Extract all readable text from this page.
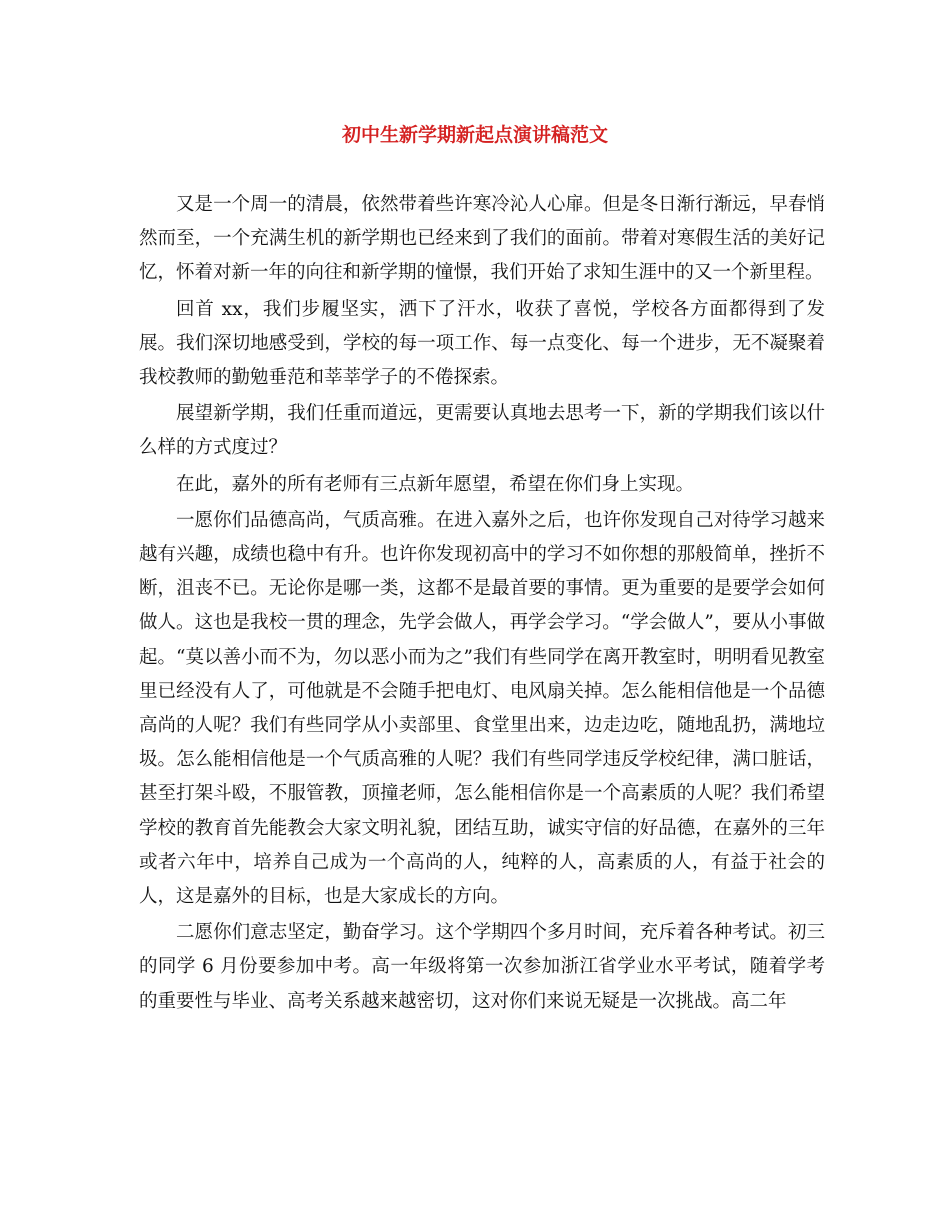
初中生新学期新起点演讲稿范文

又是一个周一的清晨，依然带着些许寒冷沁人心扉。但是冬日渐行渐远，早春悄然而至，一个充满生机的新学期也已经来到了我们的面前。带着对寒假生活的美好记忆，怀着对新一年的向往和新学期的憧憬，我们开始了求知生涯中的又一个新里程。

回首 xx，我们步履坚实，洒下了汗水，收获了喜悦，学校各方面都得到了发展。我们深切地感受到，学校的每一项工作、每一点变化、每一个进步，无不凝聚着我校教师的勤勉垂范和莘莘学子的不倦探索。

展望新学期，我们任重而道远，更需要认真地去思考一下，新的学期我们该以什么样的方式度过？

在此，嘉外的所有老师有三点新年愿望，希望在你们身上实现。

一愿你们品德高尚，气质高雅。在进入嘉外之后，也许你发现自己对待学习越来越有兴趣，成绩也稳中有升。也许你发现初高中的学习不如你想的那般简单，挫折不断，沮丧不已。无论你是哪一类，这都不是最首要的事情。更为重要的是要学会如何做人。这也是我校一贯的理念，先学会做人，再学会学习。“学会做人”，要从小事做起。“莫以善小而不为，勿以恶小而为之”我们有些同学在离开教室时，明明看见教室里已经没有人了，可他就是不会随手把电灯、电风扇关掉。怎么能相信他是一个品德高尚的人呢？我们有些同学从小卖部里、食堂里出来，边走边吃，随地乱扔，满地垃圾。怎么能相信他是一个气质高雅的人呢？我们有些同学违反学校纪律，满口脏话，甚至打架斗殴，不服管教，顶撞老师，怎么能相信你是一个高素质的人呢？我们希望学校的教育首先能教会大家文明礼貌，团结互助，诚实守信的好品德，在嘉外的三年或者六年中，培养自己成为一个高尚的人，纯粹的人，高素质的人，有益于社会的人，这是嘉外的目标，也是大家成长的方向。

二愿你们意志坚定，勤奋学习。这个学期四个多月时间，充斥着各种考试。初三的同学 6 月份要参加中考。高一年级将第一次参加浙江省学业水平考试，随着学考的重要性与毕业、高考关系越来越密切，这对你们来说无疑是一次挑战。高二年
